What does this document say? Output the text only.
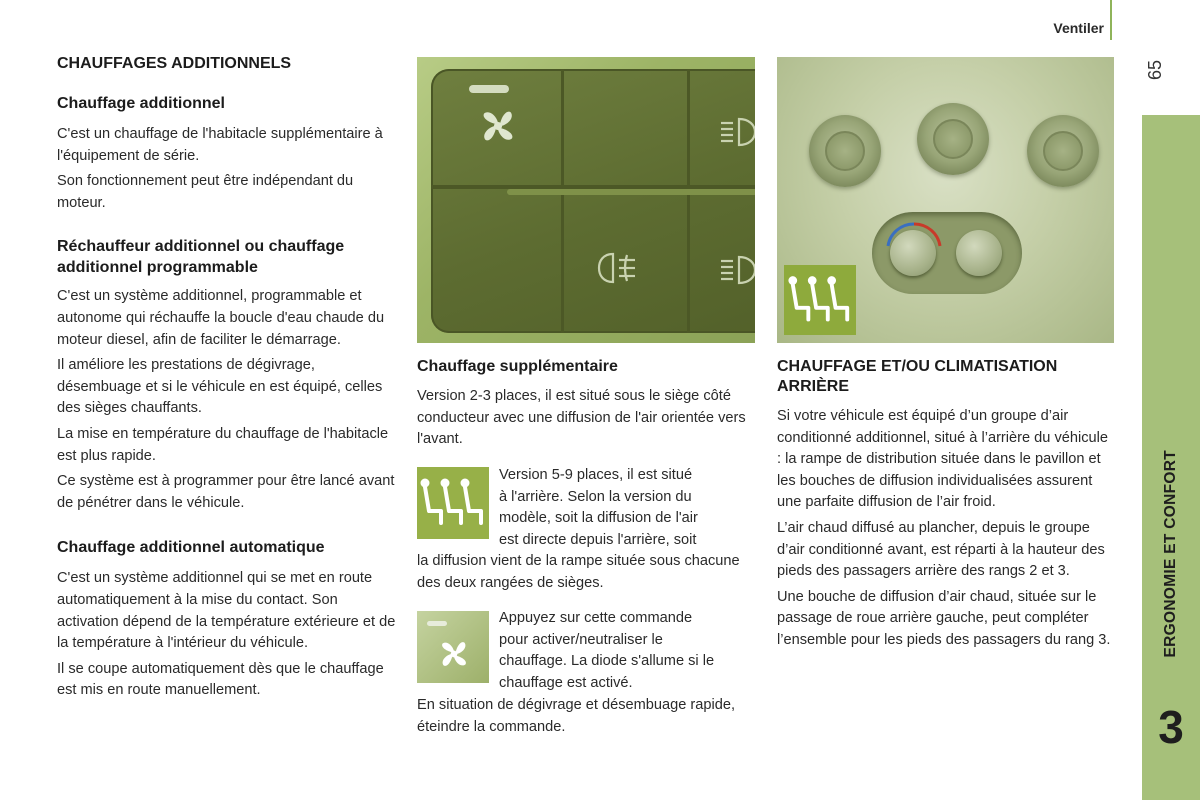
Ventiler
65
ERGONOMIE ET CONFORT
3
CHAUFFAGES ADDITIONNELS
Chauffage additionnel

C'est un chauffage de l'habitacle supplémentaire à l'équipement de série.

Son fonctionnement peut être indépendant du moteur.

Réchauffeur additionnel ou chauffage additionnel programmable

C'est un système additionnel, programmable et autonome qui réchauffe la boucle d'eau chaude du moteur diesel, afin de faciliter le démarrage.

Il améliore les prestations de dégivrage, désembuage et si le véhicule en est équipé, celles des sièges chauffants.

La mise en température du chauffage de l'habitacle est plus rapide.

Ce système est à programmer pour être lancé avant de pénétrer dans le véhicule.

Chauffage additionnel automatique

C'est un système additionnel qui se met en route automatiquement à la mise du contact. Son activation dépend de la température extérieure et de la température à l'intérieur du véhicule.

Il se coupe automatiquement dès que le chauffage est mis en route manuellement.

Chauffage supplémentaire

Version 2-3 places, il est situé sous le siège côté conducteur avec une diffusion de l'air orientée vers l'avant.

Version 5-9 places, il est situé

à l'arrière. Selon la version du

modèle, soit la diffusion de l'air

est directe depuis l'arrière, soit

la diffusion vient de la rampe située sous chacune des deux rangées de sièges.

Appuyez sur cette commande

pour activer/neutraliser le

chauffage. La diode s'allume si le

chauffage est activé.

En situation de dégivrage et désembuage rapide, éteindre la commande.

CHAUFFAGE ET/OU CLIMATISATION ARRIÈRE

Si votre véhicule est équipé d’un groupe d’air conditionné additionnel, situé à l’arrière du véhicule : la rampe de distribution située dans le pavillon et les bouches de diffusion individualisées assurent une parfaite diffusion de l’air froid.

L’air chaud diffusé au plancher, depuis le groupe d’air conditionné avant, est réparti à la hauteur des pieds des passagers arrière des rangs 2 et 3.

Une bouche de diffusion d’air chaud, située sur le passage de roue arrière gauche, peut compléter l’ensemble pour les pieds des passagers du rang 3.
